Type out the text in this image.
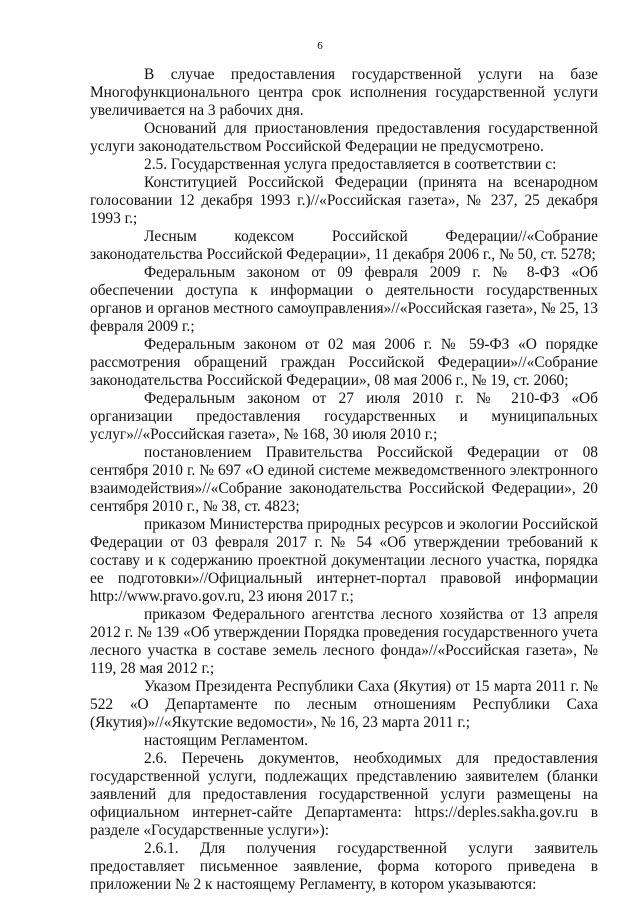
6

В случае предоставления государственной услуги на базе Многофункционального центра срок исполнения государственной услуги увеличивается на 3 рабочих дня.

Оснований для приостановления предоставления государственной услуги законодательством Российской Федерации не предусмотрено.

2.5. Государственная услуга предоставляется в соответствии с:

Конституцией Российской Федерации (принята на всенародном голосовании 12 декабря 1993 г.)//«Российская газета», № 237, 25 декабря 1993 г.;

Лесным кодексом Российской Федерации//«Собрание законодательства Российской Федерации», 11 декабря 2006 г., № 50, ст. 5278;

Федеральным законом от 09 февраля 2009 г. № 8-ФЗ «Об обеспечении доступа к информации о деятельности государственных органов и органов местного самоуправления»//«Российская газета», № 25, 13 февраля 2009 г.;

Федеральным законом от 02 мая 2006 г. № 59-ФЗ «О порядке рассмотрения обращений граждан Российской Федерации»//«Собрание законодательства Российской Федерации», 08 мая 2006 г., № 19, ст. 2060;

Федеральным законом от 27 июля 2010 г. № 210-ФЗ «Об организации предоставления государственных и муниципальных услуг»//«Российская газета», № 168, 30 июля 2010 г.;

постановлением Правительства Российской Федерации от 08 сентября 2010 г. № 697 «О единой системе межведомственного электронного взаимодействия»//«Собрание законодательства Российской Федерации», 20 сентября 2010 г., № 38, ст. 4823;

приказом Министерства природных ресурсов и экологии Российской Федерации от 03 февраля 2017 г. № 54 «Об утверждении требований к составу и к содержанию проектной документации лесного участка, порядка ее подготовки»//Официальный интернет-портал правовой информации http://www.pravo.gov.ru, 23 июня 2017 г.;

приказом Федерального агентства лесного хозяйства от 13 апреля 2012 г. № 139 «Об утверждении Порядка проведения государственного учета лесного участка в составе земель лесного фонда»//«Российская газета», № 119, 28 мая 2012 г.;

Указом Президента Республики Саха (Якутия) от 15 марта 2011 г. № 522 «О Департаменте по лесным отношениям Республики Саха (Якутия)»//«Якутские ведомости», № 16, 23 марта 2011 г.;

настоящим Регламентом.

2.6. Перечень документов, необходимых для предоставления государственной услуги, подлежащих представлению заявителем (бланки заявлений для предоставления государственной услуги размещены на официальном интернет-сайте Департамента: https://deples.sakha.gov.ru в разделе «Государственные услуги»):

2.6.1. Для получения государственной услуги заявитель предоставляет письменное заявление, форма которого приведена в приложении № 2 к настоящему Регламенту, в котором указываются:
